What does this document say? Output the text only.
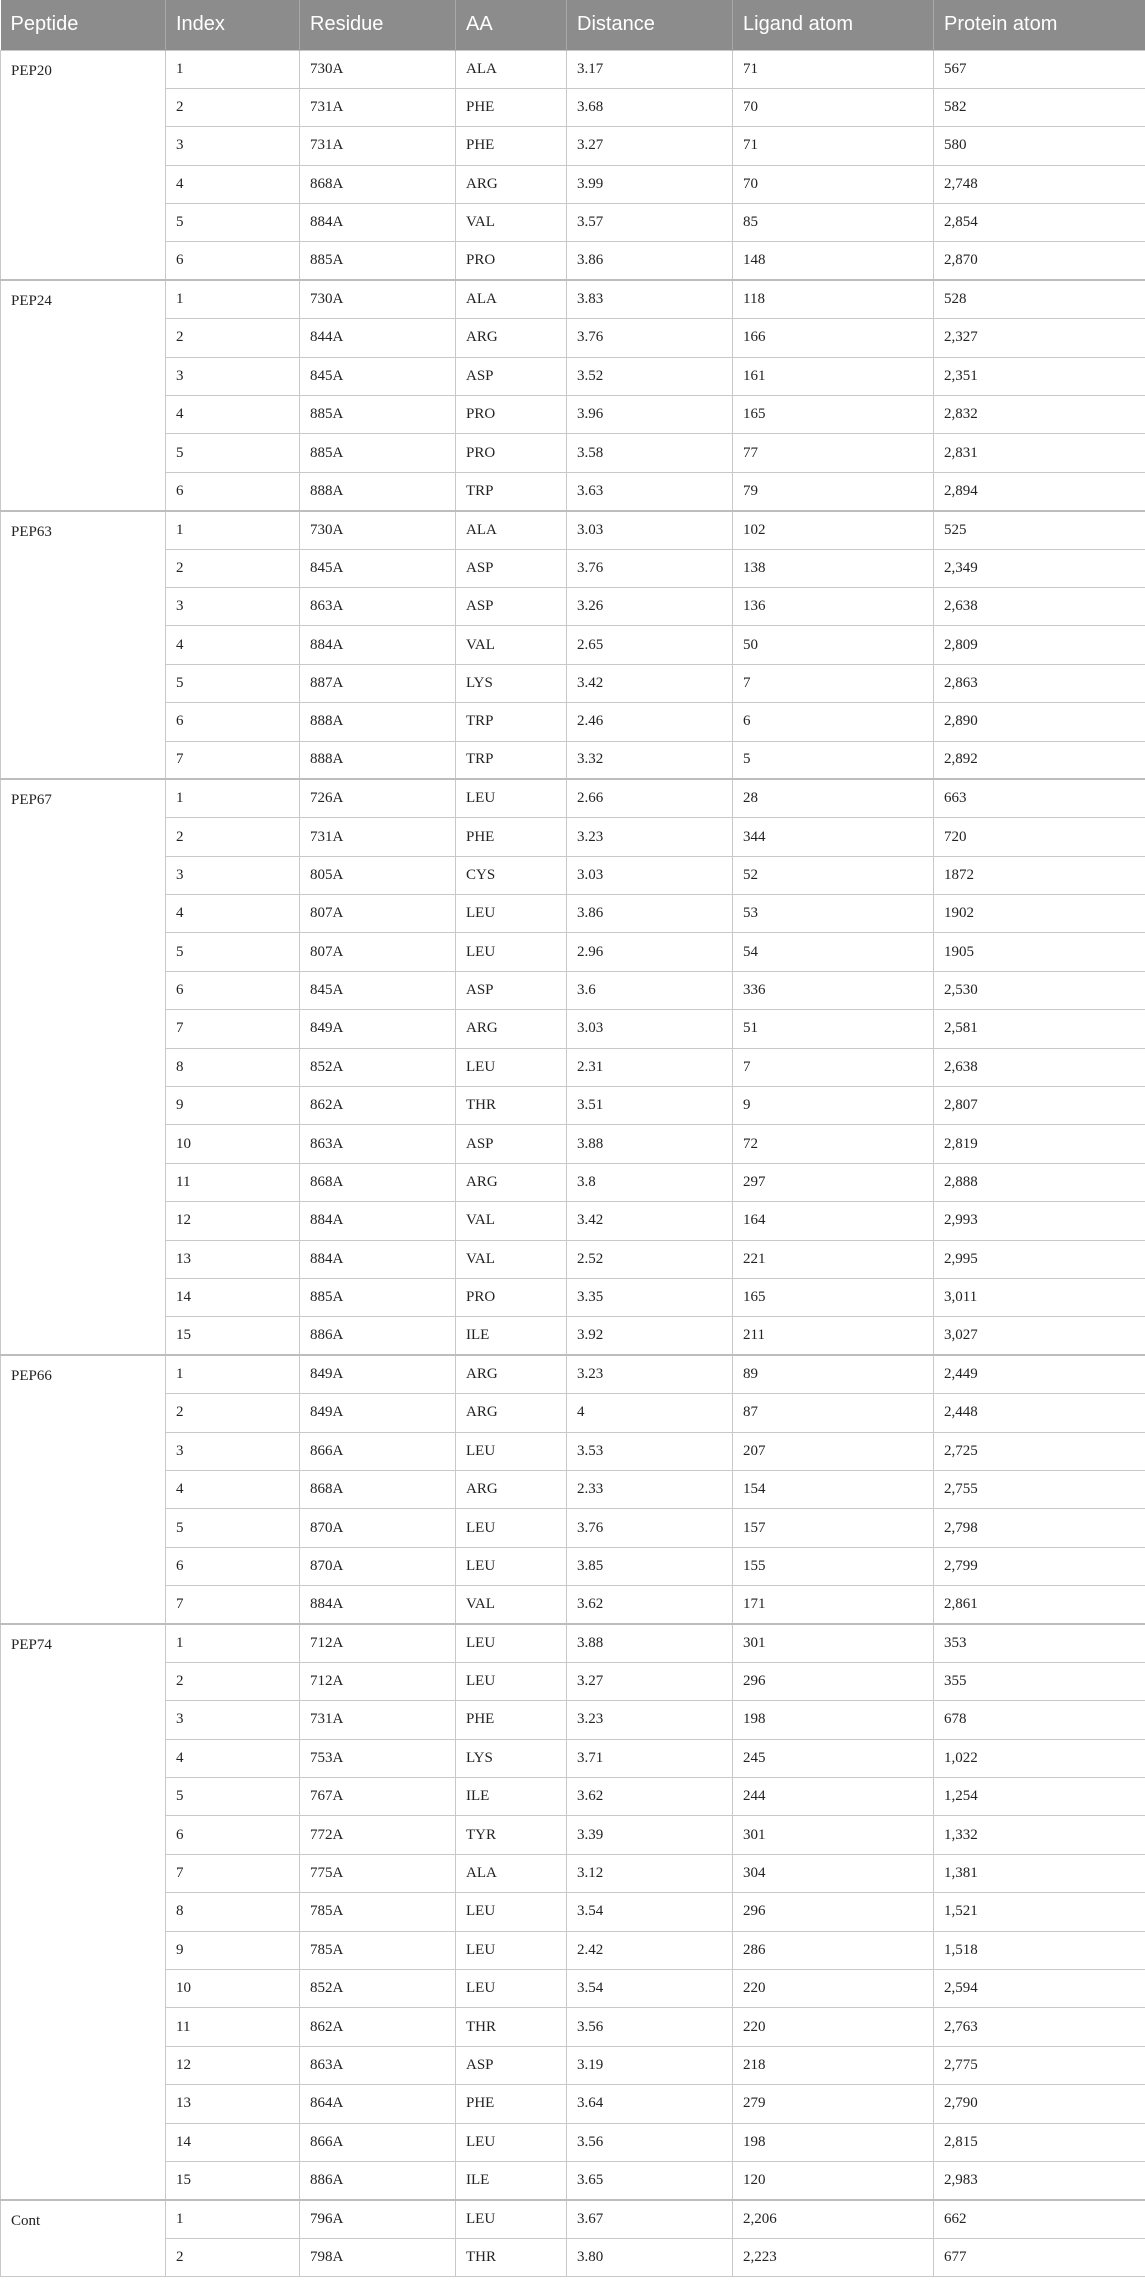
Peptide	Index	Residue	AA	Distance	Ligand atom	Protein atom
PEP20	1	730A	ALA	3.17	71	567
	2	731A	PHE	3.68	70	582
	3	731A	PHE	3.27	71	580
	4	868A	ARG	3.99	70	2,748
	5	884A	VAL	3.57	85	2,854
	6	885A	PRO	3.86	148	2,870
PEP24	1	730A	ALA	3.83	118	528
	2	844A	ARG	3.76	166	2,327
	3	845A	ASP	3.52	161	2,351
	4	885A	PRO	3.96	165	2,832
	5	885A	PRO	3.58	77	2,831
	6	888A	TRP	3.63	79	2,894
PEP63	1	730A	ALA	3.03	102	525
	2	845A	ASP	3.76	138	2,349
	3	863A	ASP	3.26	136	2,638
	4	884A	VAL	2.65	50	2,809
	5	887A	LYS	3.42	7	2,863
	6	888A	TRP	2.46	6	2,890
	7	888A	TRP	3.32	5	2,892
PEP67	1	726A	LEU	2.66	28	663
	2	731A	PHE	3.23	344	720
	3	805A	CYS	3.03	52	1872
	4	807A	LEU	3.86	53	1902
	5	807A	LEU	2.96	54	1905
	6	845A	ASP	3.6	336	2,530
	7	849A	ARG	3.03	51	2,581
	8	852A	LEU	2.31	7	2,638
	9	862A	THR	3.51	9	2,807
	10	863A	ASP	3.88	72	2,819
	11	868A	ARG	3.8	297	2,888
	12	884A	VAL	3.42	164	2,993
	13	884A	VAL	2.52	221	2,995
	14	885A	PRO	3.35	165	3,011
	15	886A	ILE	3.92	211	3,027
PEP66	1	849A	ARG	3.23	89	2,449
	2	849A	ARG	4	87	2,448
	3	866A	LEU	3.53	207	2,725
	4	868A	ARG	2.33	154	2,755
	5	870A	LEU	3.76	157	2,798
	6	870A	LEU	3.85	155	2,799
	7	884A	VAL	3.62	171	2,861
PEP74	1	712A	LEU	3.88	301	353
	2	712A	LEU	3.27	296	355
	3	731A	PHE	3.23	198	678
	4	753A	LYS	3.71	245	1,022
	5	767A	ILE	3.62	244	1,254
	6	772A	TYR	3.39	301	1,332
	7	775A	ALA	3.12	304	1,381
	8	785A	LEU	3.54	296	1,521
	9	785A	LEU	2.42	286	1,518
	10	852A	LEU	3.54	220	2,594
	11	862A	THR	3.56	220	2,763
	12	863A	ASP	3.19	218	2,775
	13	864A	PHE	3.64	279	2,790
	14	866A	LEU	3.56	198	2,815
	15	886A	ILE	3.65	120	2,983
Cont	1	796A	LEU	3.67	2,206	662
	2	798A	THR	3.80	2,223	677
